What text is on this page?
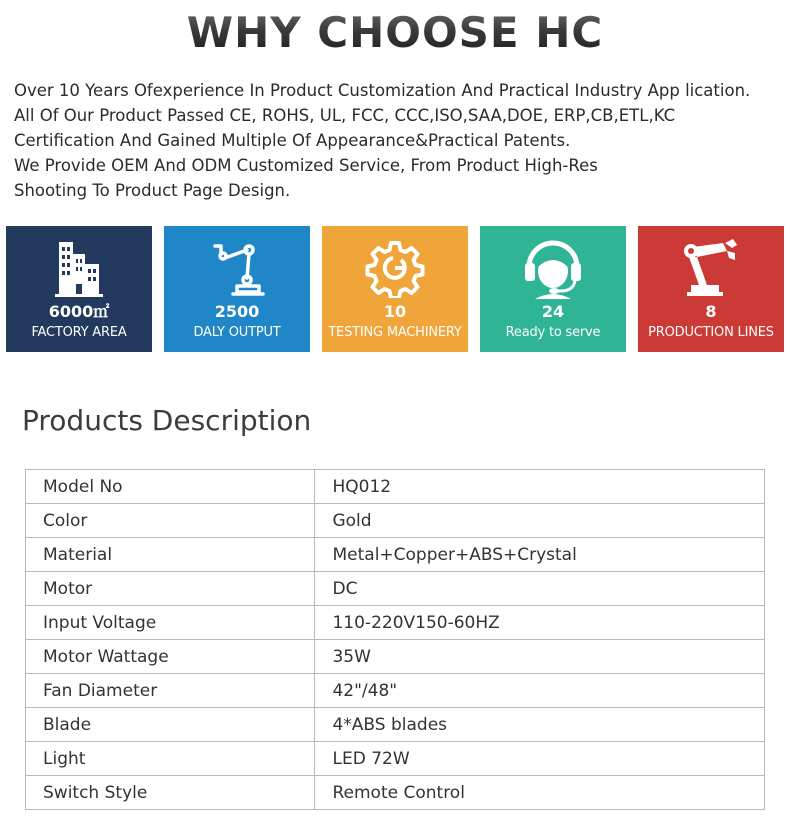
WHY CHOOSE HC

Over 10 Years Ofexperience In Product Customization And Practical Industry App lication.

All Of Our Product Passed CE, ROHS, UL, FCC, CCC,ISO,SAA,DOE, ERP,CB,ETL,KC

Certification And Gained Multiple Of Appearance&Practical Patents.

We Provide OEM And ODM Customized Service, From Product High-Res

Shooting To Product Page Design.

6000㎡
FACTORY AREA
2500
DALY OUTPUT
10
TESTING MACHINERY
24
Ready to serve
8
PRODUCTION LINES
Products Description
Model No	HQ012
Color	Gold
Material	Metal+Copper+ABS+Crystal
Motor	DC
Input Voltage	110-220V150-60HZ
Motor Wattage	35W
Fan Diameter	42"/48"
Blade	4*ABS blades
Light	LED 72W
Switch Style	Remote Control
